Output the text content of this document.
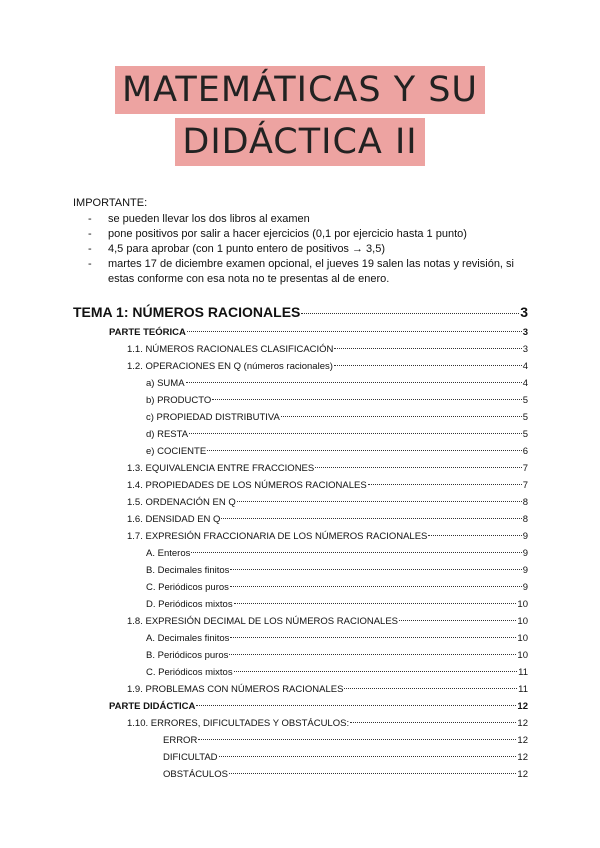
MATEMÁTICAS Y SU
DIDÁCTICA II
IMPORTANTE:
- se pueden llevar los dos libros al examen
- pone positivos por salir a hacer ejercicios (0,1 por ejercicio hasta 1 punto)
- 4,5 para aprobar (con 1 punto entero de positivos → 3,5)
- martes 17 de diciembre examen opcional, el jueves 19 salen las notas y revisión, si estas conforme con esa nota no te presentas al de enero.
TEMA 1: NÚMEROS RACIONALES	3
PARTE TEÓRICA	3
1.1. NÚMEROS RACIONALES CLASIFICACIÓN	3
1.2. OPERACIONES EN Q (números racionales)	4
a) SUMA	4
b) PRODUCTO	5
c) PROPIEDAD DISTRIBUTIVA	5
d) RESTA	5
e) COCIENTE	6
1.3. EQUIVALENCIA ENTRE FRACCIONES	7
1.4. PROPIEDADES DE LOS NÚMEROS RACIONALES	7
1.5. ORDENACIÓN EN Q	8
1.6. DENSIDAD EN Q	8
1.7. EXPRESIÓN FRACCIONARIA DE LOS NÚMEROS RACIONALES	9
A. Enteros	9
B. Decimales finitos	9
C. Periódicos puros	9
D. Periódicos mixtos	10
1.8. EXPRESIÓN DECIMAL DE LOS NÚMEROS RACIONALES	10
A. Decimales finitos	10
B. Periódicos puros	10
C. Periódicos mixtos	11
1.9. PROBLEMAS CON NÚMEROS RACIONALES	11
PARTE DIDÁCTICA	12
1.10. ERRORES, DIFICULTADES Y OBSTÁCULOS:	12
ERROR	12
DIFICULTAD	12
OBSTÁCULOS	12
